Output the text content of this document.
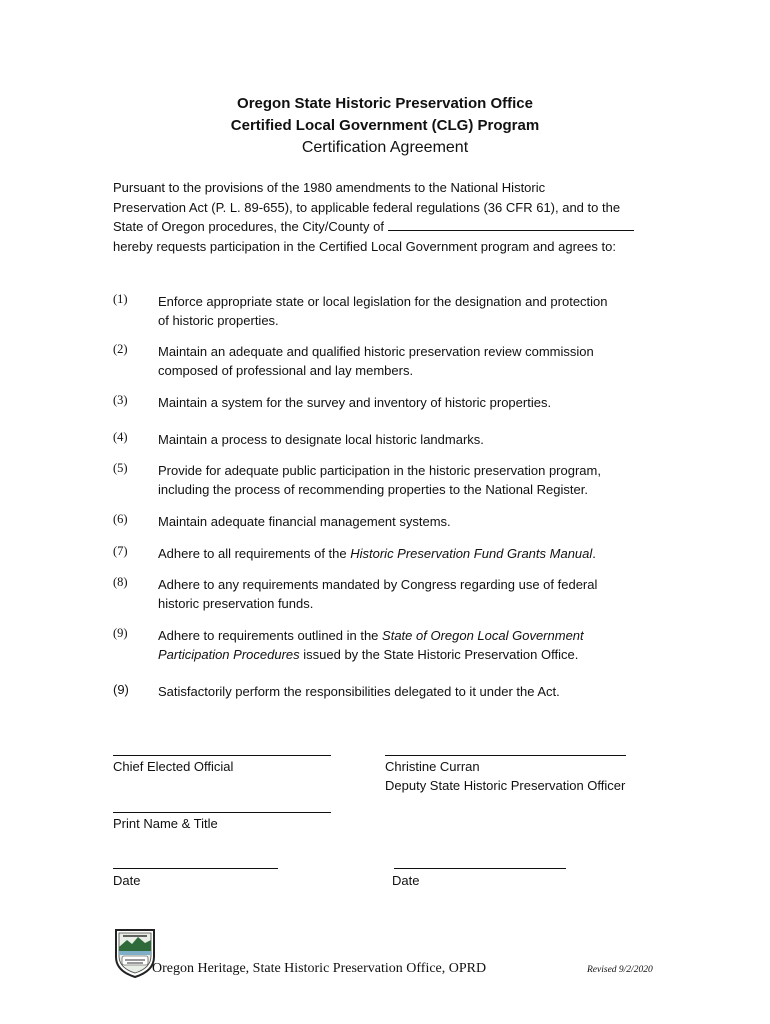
Oregon State Historic Preservation Office
Certified Local Government (CLG) Program
Certification Agreement
Pursuant to the provisions of the 1980 amendments to the National Historic
Preservation Act (P. L. 89-655), to applicable federal regulations (36 CFR 61), and to the
State of Oregon procedures, the City/County of
hereby requests participation in the Certified Local Government program and agrees to:
(1) Enforce appropriate state or local legislation for the designation and protection
of historic properties.
(2) Maintain an adequate and qualified historic preservation review commission
composed of professional and lay members.
(3) Maintain a system for the survey and inventory of historic properties.
(4) Maintain a process to designate local historic landmarks.
(5) Provide for adequate public participation in the historic preservation program,
including the process of recommending properties to the National Register.
(6) Maintain adequate financial management systems.
(7) Adhere to all requirements of the Historic Preservation Fund Grants Manual.
(8) Adhere to any requirements mandated by Congress regarding use of federal
historic preservation funds.
(9) Adhere to requirements outlined in the State of Oregon Local Government
Participation Procedures issued by the State Historic Preservation Office.
(9) Satisfactorily perform the responsibilities delegated to it under the Act.
Chief Elected Official	Christine Curran
Deputy State Historic Preservation Officer
Print Name & Title
Date	Date
Oregon Heritage, State Historic Preservation Office, OPRD	Revised 9/2/2020
